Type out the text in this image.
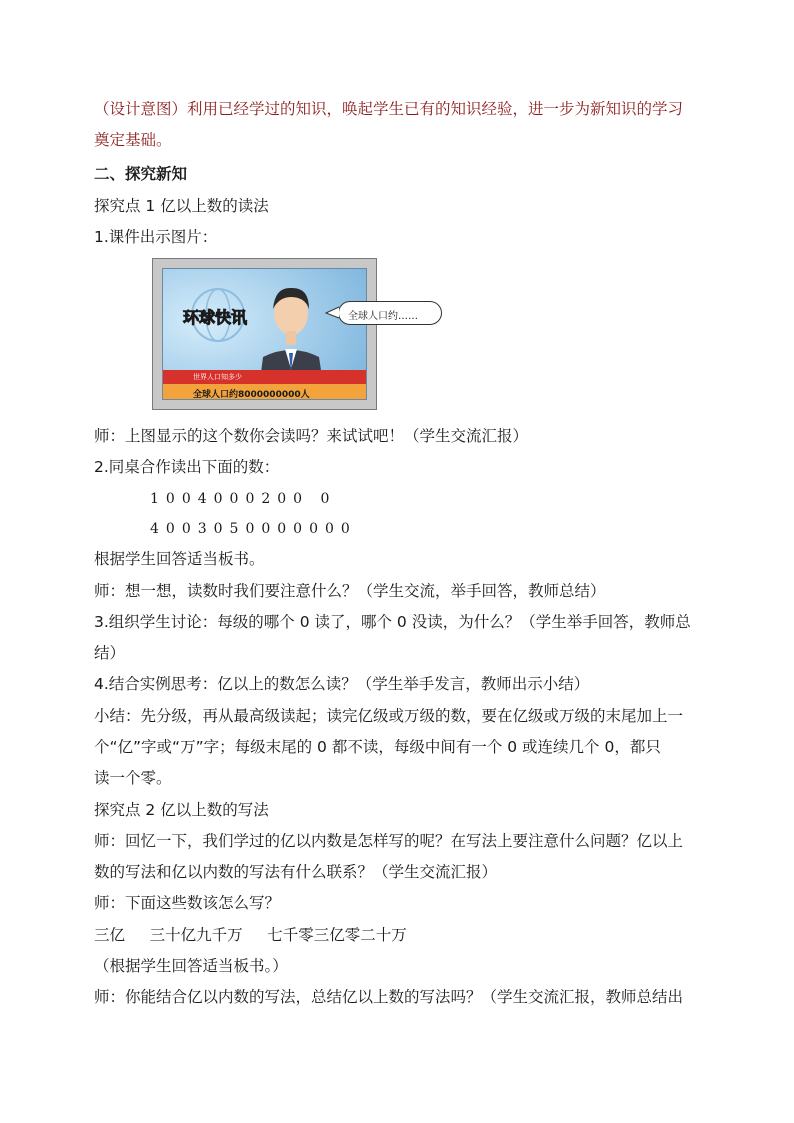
（设计意图）利用已经学过的知识，唤起学生已有的知识经验，进一步为新知识的学习
奠定基础。
二、探究新知
探究点 1 亿以上数的读法
1.课件出示图片：
环球快讯
世界人口知多少
全球人口约8000000000人
全球人口约……
师：上图显示的这个数你会读吗？来试试吧！（学生交流汇报）
2.同桌合作读出下面的数：
1004000200 0
4003050000000
根据学生回答适当板书。
师：想一想，读数时我们要注意什么？（学生交流，举手回答，教师总结）
3.组织学生讨论：每级的哪个 0 读了，哪个 0 没读，为什么？（学生举手回答，教师总
结）
4.结合实例思考：亿以上的数怎么读？（学生举手发言，教师出示小结）
小结：先分级，再从最高级读起；读完亿级或万级的数，要在亿级或万级的末尾加上一
个“亿”字或“万”字；每级末尾的 0 都不读，每级中间有一个 0 或连续几个 0，都只
读一个零。
探究点 2 亿以上数的写法
师：回忆一下，我们学过的亿以内数是怎样写的呢？在写法上要注意什么问题？亿以上
数的写法和亿以内数的写法有什么联系？（学生交流汇报）
师：下面这些数该怎么写？
三亿     三十亿九千万     七千零三亿零二十万
（根据学生回答适当板书。）
师：你能结合亿以内数的写法，总结亿以上数的写法吗？（学生交流汇报，教师总结出
